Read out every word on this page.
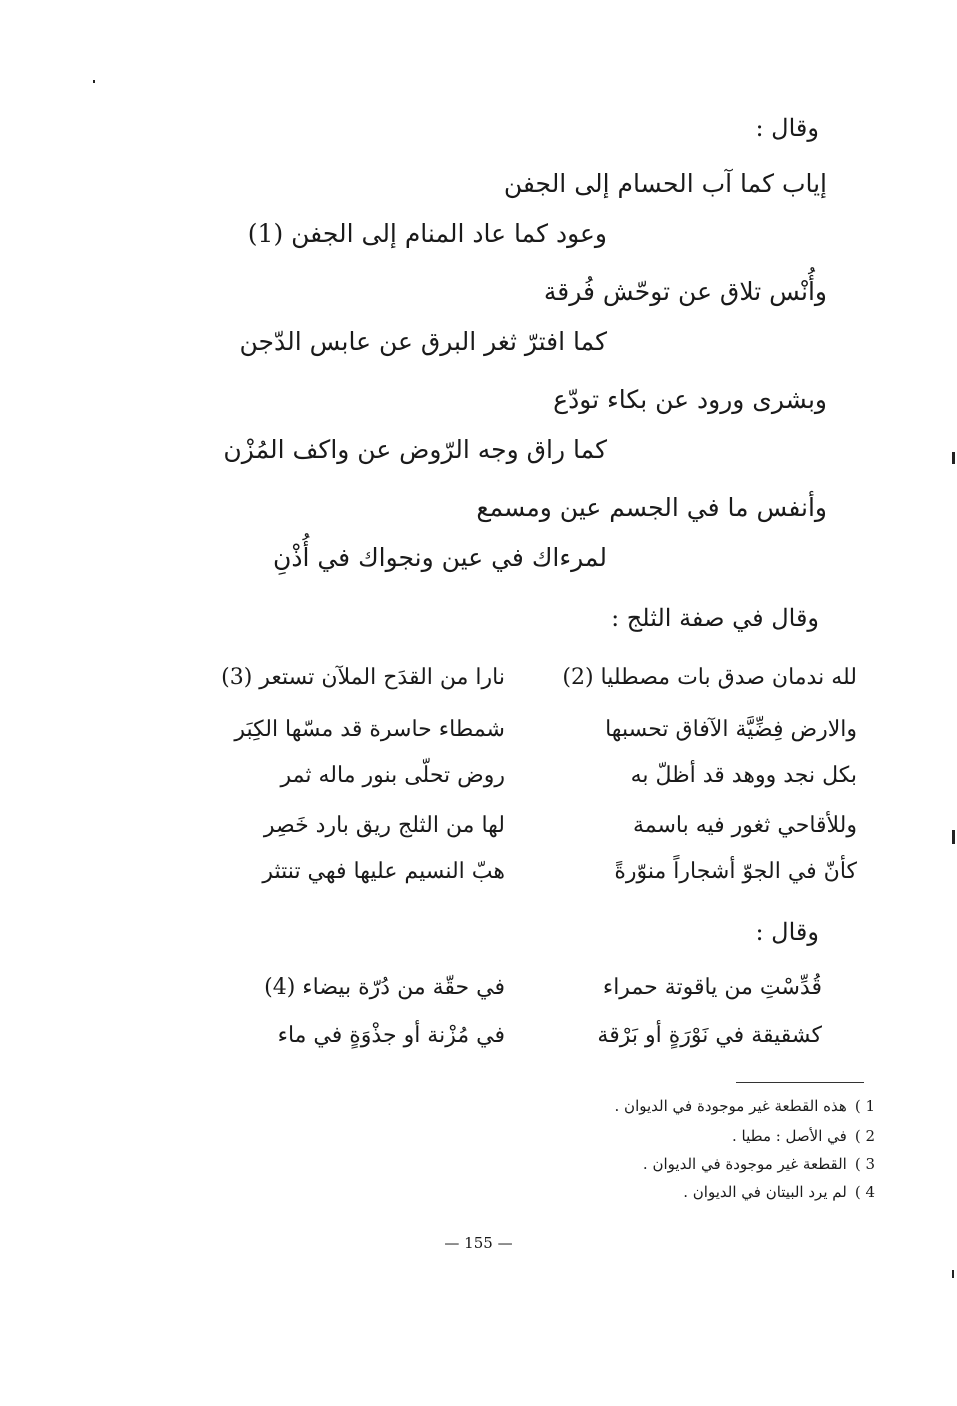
وقال :
إياب كما آب الحسام إلى الجفن
وعود كما عاد المنام إلى الجفن (1)
وأُنْس تلاق عن توحّش فُرقة
كما افترّ ثغر البرق عن عابس الدّجن
وبشرى ورود عن بكاء تودّع
كما راق وجه الرّوض عن واكف المُزْن
وأنفس ما في الجسم عين ومسمع
لمرءاك في عين ونجواك في أُذْنِ
وقال في صفة الثلج :
لله ندمان صدق بات مصطليا (2)
نارا من القدَح الملآن تستعر (3)
والارض فِضِّيَّة الآفاق تحسبها
شمطاء حاسرة قد مسّها الكِبَر
بكل نجد ووهد قد أظلّ به
روض تحلّى بنور ماله ثمر
وللأقاحي ثغور فيه باسمة
لها من الثلج ريق بارد خَصِر
كأنّ في الجوّ أشجاراً منوّرةً
هبّ النسيم عليها فهي تنتثر
وقال :
قُدِّسْتِ من ياقوتة حمراء
في حقّة من دُرّة بيضاء (4)
كشقيقة في نَوْرَةٍ أو بَرْقة
في مُزْنة أو جذْوَةٍ في ماء
1 )هذه القطعة غير موجودة في الديوان .
2 )في الأصل : مطيا .
3 )القطعة غير موجودة في الديوان .
4 )لم يرد البيتان في الديوان .
— 155 —
